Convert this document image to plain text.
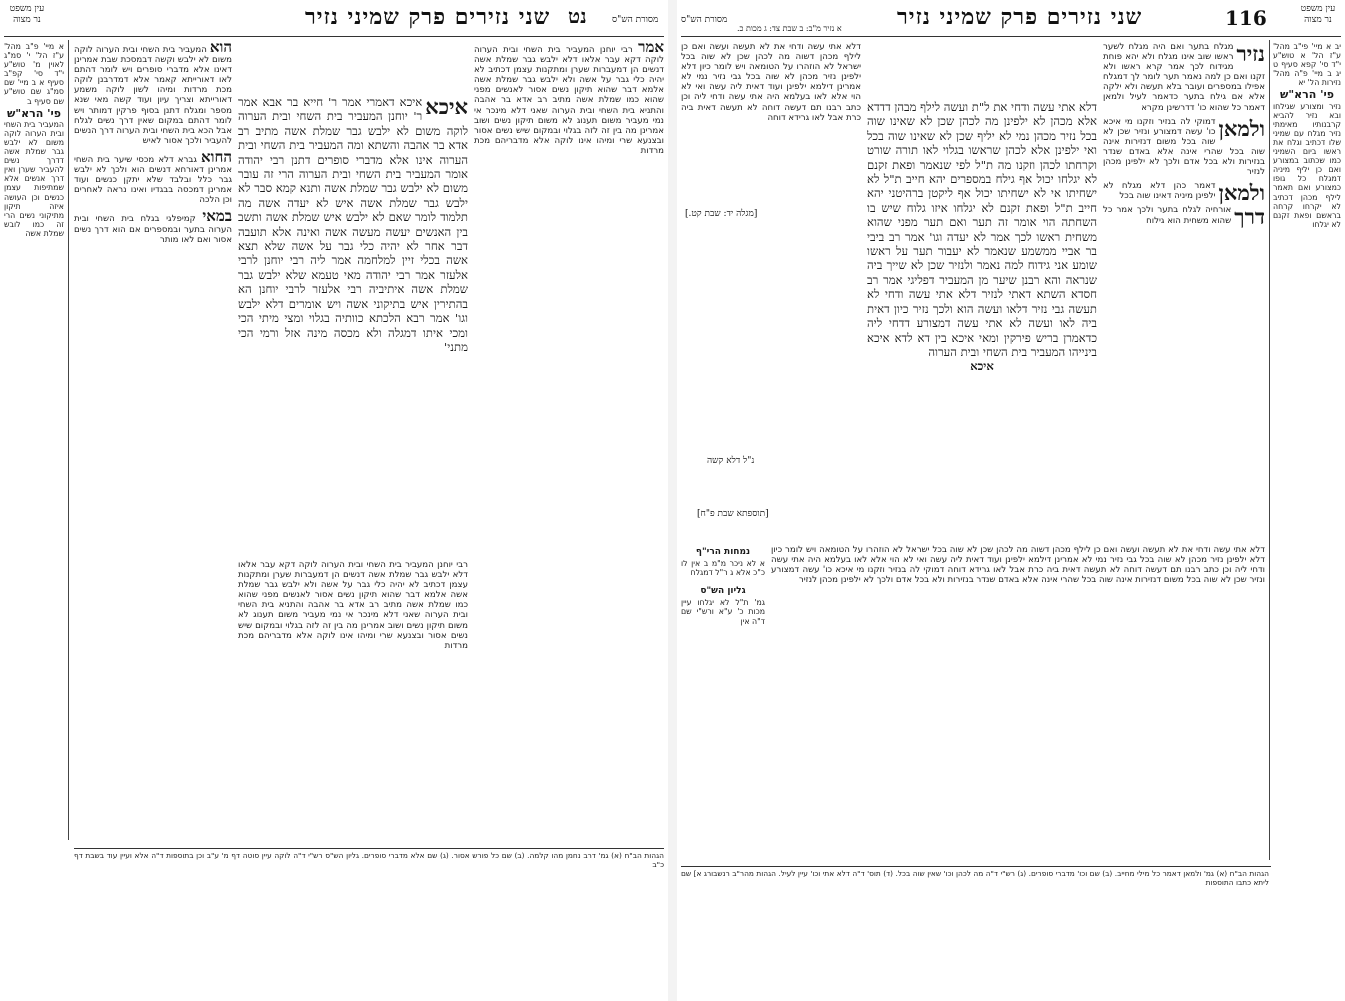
עין משפט
נר מצוה	נט
שני נזירים פרק שמיני נזיר	מסורת הש"ס
א מיי' פ"ב מהל' ע"ז הל' י' סמ"ג לאוין מ' טוש"ע י"ד סי' קפ"ב סעיף א ב מיי' שם סמ"ג שם טוש"ע שם סעיף ב
פי' הרא"ש
המעביר בית השחי ובית הערוה לוקה משום לא ילבש גבר שמלת אשה דדרך נשים להעביר שערן ואין דרך אנשים אלא שמתיפות עצמן כנשים וכן העושה איזה תיקון מתיקוני נשים הרי זה כמו לובש שמלת אשה
הוא המעביר בית השחי ובית הערוה לוקה משום לא ילבש וקשה דבמסכת שבת אמרינן דאינו אלא מדברי סופרים ויש לומר דהתם לאו דאורייתא קאמר אלא דמדרבנן לוקה מכת מרדות ומיהו לשון לוקה משמע דאורייתא וצריך עיון ועוד קשה מאי שנא מספר ומגלח דתנן בסוף פרקין דמותר ויש לומר דהתם במקום שאין דרך נשים לגלח אבל הכא בית השחי ובית הערוה דרך הנשים להעביר ולכך אסור לאיש
החוא גברא דלא מכסי שיער בית השחי אמרינן דאורחא דנשים הוא ולכך לא ילבש גבר כלל ובלבד שלא יתקן כנשים ועוד אמרינן דמכסה בבגדיו ואינו נראה לאחרים וכן הלכה
במאי קמיפלגי בגלח בית השחי ובית הערוה בתער ובמספרים אם הוא דרך נשים אסור ואם לאו מותר
איכא
איכא דאמרי אמר ר' חייא בר אבא אמר ר' יוחנן המעביר בית השחי ובית הערוה לוקה משום לא ילבש גבר שמלת אשה מתיב רב אדא בר אהבה והשתא ומה המעביר בית השחי ובית הערוה אינו אלא מדברי סופרים דתנן רבי יהודה אומר המעביר בית השחי ובית הערוה הרי זה עובר משום לא ילבש גבר שמלת אשה ותנא קמא סבר לא ילבש גבר שמלת אשה איש לא יעדה אשה מה תלמוד לומר שאם לא ילבש איש שמלת אשה ותשב בין האנשים יעשה מעשה אשה ואינה אלא תועבה דבר אחר לא יהיה כלי גבר על אשה שלא תצא אשה בכלי זיין למלחמה אמר ליה רבי יוחנן לרבי אלעזר אמר רבי יהודה מאי טעמא שלא ילבש גבר שמלת אשה איתיביה רבי אלעזר לרבי יוחנן הא בהתירין איש בתיקוני אשה ויש אומרים דלא ילבש וגו' אמר רבא הלכתא כוותיה בגלוי ומצי מיתי הכי ומכי איתו דמגלה ולא מכסה מינה אזל ורמי הכי מתני'
אמר רבי יוחנן המעביר בית השחי ובית הערוה לוקה דקא עבר אלאו דלא ילבש גבר שמלת אשה דנשים הן דמעברות שערן ומתקנות עצמן דכתיב לא יהיה כלי גבר על אשה ולא ילבש גבר שמלת אשה אלמא דבר שהוא תיקון נשים אסור לאנשים מפני שהוא כמו שמלת אשה מתיב רב אדא בר אהבה והתניא בית השחי ובית הערוה שאני דלא מינכר אי נמי מעביר משום תענוג לא משום תיקון נשים ושוב אמרינן מה בין זה לזה בגלוי ובמקום שיש נשים אסור ובצנעא שרי ומיהו אינו לוקה אלא מדבריהם מכת מרדות
רבי יוחנן המעביר בית השחי ובית הערוה לוקה דקא עבר אלאו דלא ילבש גבר שמלת אשה דנשים הן דמעברות שערן ומתקנות עצמן דכתיב לא יהיה כלי גבר על אשה ולא ילבש גבר שמלת אשה אלמא דבר שהוא תיקון נשים אסור לאנשים מפני שהוא כמו שמלת אשה מתיב רב אדא בר אהבה והתניא בית השחי ובית הערוה שאני דלא מינכר אי נמי מעביר משום תענוג לא משום תיקון נשים ושוב אמרינן מה בין זה לזה בגלוי ובמקום שיש נשים אסור ובצנעא שרי ומיהו אינו לוקה אלא מדבריהם מכת מרדות
הגהות הב"ח (א) גמ' דרב נחמן מהו קלמה. (ב) שם כל פורש אסור. (ג) שם אלא מדברי סופרים. גליון הש"ס רש"י ד"ה לוקה עיין סוטה דף מ' ע"ב וכן בתוספות ד"ה אלא ועיין עוד בשבת דף כ"ב
עין משפט
נר מצוה
116
שני נזירים פרק שמיני נזיר
מסורת הש"ס
יב א מיי' פי"ב מהל' ע"ז הל' א טוש"ע י"ד סי' קפא סעיף ט יג ב מיי' פ"ה מהל' נזירות הל' יא
פי' הרא"ש
נזיר ומצורע שגילחו ובא נזיר להביא קרבנותיו מאימתי נזיר מגלח עם שמיני שלו דכתיב וגלח את ראשו ביום השמיני כמו שכתוב במצורע ואם כן יליף מיניה דמגלח כל גופו כמצורע ואם תאמר לילף מכהן דכתיב לא יקרחו קרחה בראשם ופאת זקנם לא יגלחו
נזיר
מגלח בתער ואם היה מגלח לשער ראשו שוב אינו מגלח ולא יהא פוחת מגידוח לכך אמר קרא ראשו ולא זקנו ואם כן למה נאמר תער לומר לך דמגלח אפילו במספרים ועובר בלא תעשה ולא ילקה אלא אם גילח בתער כדאמר לעיל ולמאן דאמר כל שהוא כו' דדרשינן מקרא
ולמאן
דמוקי לה בנזיר וזקנו מי איכא כו' עשה דמצורע ונזיר שכן לא שוה בכל משום דנזירות אינה שוה בכל שהרי אינה אלא באדם שנדר בנזירות ולא בכל אדם ולכך לא ילפינן מכהן לנזיר
ולמאן
דאמר כהן דלא מגלח לא ילפינן מיניה דאינו שוה בכל
דרך
אורחיה לגלח בתער ולכך אמר כל שהוא משחית הוא גילוח
דלא אתי עשה ודחי את ל"ת ועשה לילף מבהן דדדא אלא מכהן לא ילפינן מה לכהן שכן לא שאינו שוה בכל נזיר מכהן נמי לא יליף שכן לא שאינו שוה בכל ואי ילפינן אלא לכהן שראשו בגלוי לאו תורה שורט וקרחתו לכהן וזקנו מה ת"ל לפי שנאמר ופאת זקנם לא יגלחו יכול אף גילח במספרים יהא חייב ת"ל לא ישחיתו אי לא ישחיתו יכול אף ליקטן ברהיטני יהא חייב ת"ל ופאת זקנם לא יגלחו איזו גלוח שיש בו השחתה הוי אומר זה תער ואם תער מפני שהוא משחית ראשו לכך אמר לא יעדה וגו' אמר רב ביבי בר אביי ממשמע שנאמר לא יעבור תער על ראשו שומע אני גידוח למה נאמר ולנזיר שכן לא שייך ביה שנראה והא רבנן שיער מן המעביר דפליגי אמר רב חסדא השתא דאתי לנזיר דלא אתי עשה ודחי לא תעשה גבי נזיר דלאו ועשה הוא ולכך נזיר כיון דאית ביה לאו ועשה לא אתי עשה דמצורע דדחי ליה כדאמרן בריש פירקין ומאי איכא בין דא לדא איכא בינייהו המעביר בית השחי ובית הערוה
איכא
דלא אתי עשה ודחי את לא תעשה ועשה ואם כן לילף מכהן דשוה מה לכהן שכן לא שוה בכל ישראל לא הוזהרו על הטומאה ויש לומר כיון דלא ילפינן נזיר מכהן לא שוה בכל גבי נזיר נמי לא אמרינן דילמא ילפינן ועוד דאית ליה עשה ואי לא הוי אלא לאו בעלמא היה אתי עשה ודחי ליה וכן כתב רבנו תם דעשה דוחה לא תעשה דאית ביה כרת אבל לאו גרידא דוחה
[מגלה יד: שבת קט.]
נ"ל דלא קשה
[תוספתא שבת פ"ח]
נמחות הרי"ף
א לא ניכר מ"מ ב אין לו כ"כ אלא ג ר"ל דמגלח
גליון הש"ס
גמ' ת"ל לא יגלחו עיין מכות כ' ע"א ורש"י שם ד"ה אין
דלא אתי עשה ודחי את לא תעשה ועשה ואם כן לילף מכהן דשוה מה לכהן שכן לא שוה בכל ישראל לא הוזהרו על הטומאה ויש לומר כיון דלא ילפינן נזיר מכהן לא שוה בכל גבי נזיר נמי לא אמרינן דילמא ילפינן ועוד דאית ליה עשה ואי לא הוי אלא לאו בעלמא היה אתי עשה ודחי ליה וכן כתב רבנו תם דעשה דוחה לא תעשה דאית ביה כרת אבל לאו גרידא דוחה דמוקי לה בנזיר וזקנו מי איכא כו' עשה דמצורע ונזיר שכן לא שוה בכל משום דנזירות אינה שוה בכל שהרי אינה אלא באדם שנדר בנזירות ולא בכל אדם ולכך לא ילפינן מכהן לנזיר
א נזיר מ"ב: ב שבת צד: ג מכות כ.
הגהות הב"ח (א) גמ' ולמאן דאמר כל מילי מחייב. (ב) שם וכו' מדברי סופרים. (ג) רש"י ד"ה מה לכהן וכו' שאין שוה בכל. (ד) תוס' ד"ה דלא אתי וכו' עיין לעיל. הגהות מהר"ב רנשבורג א] שם ליתא כתבו התוספות
